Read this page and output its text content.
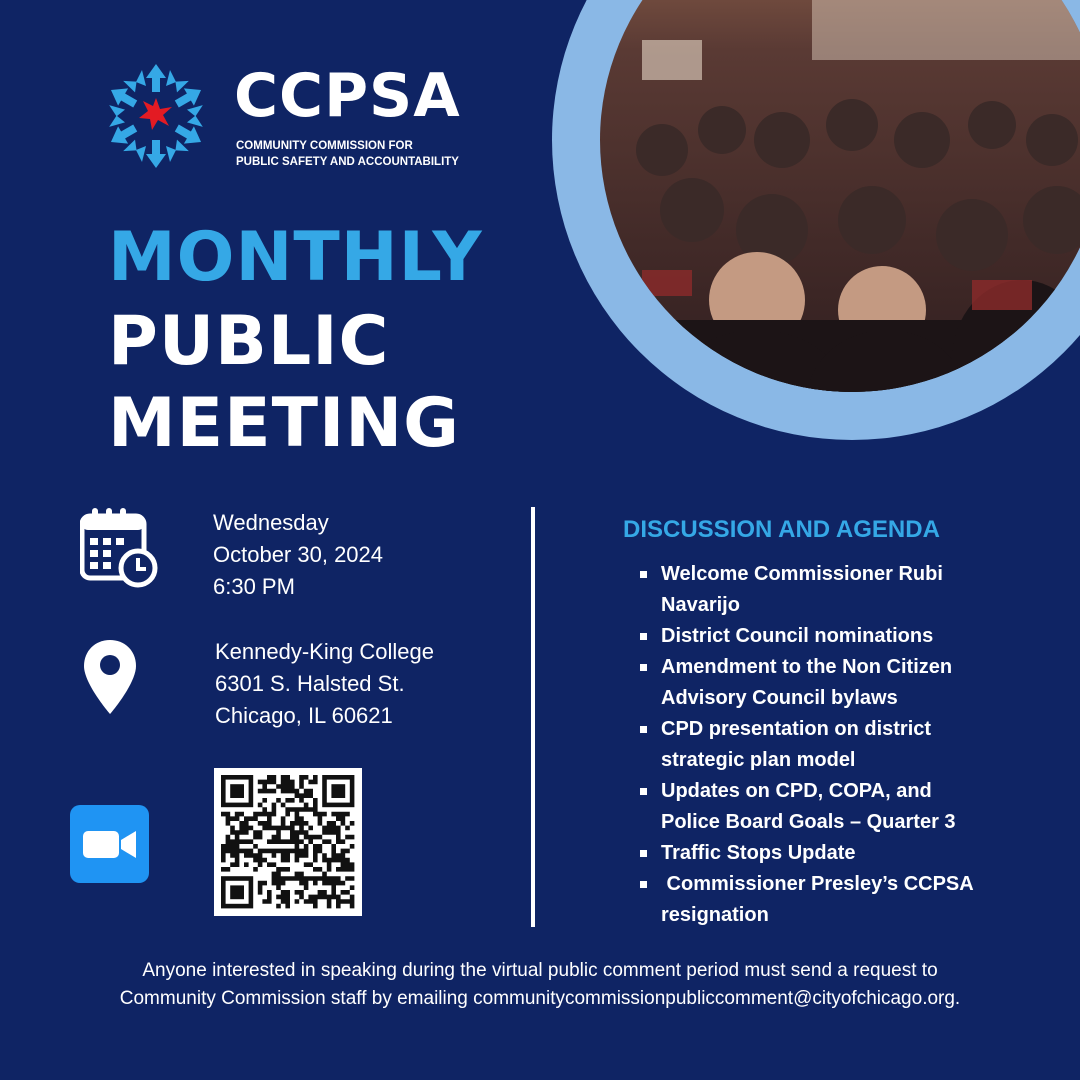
CCPSA
COMMUNITY COMMISSION FOR
PUBLIC SAFETY AND ACCOUNTABILITY
MONTHLY
PUBLIC
MEETING
Wednesday
October 30, 2024
6:30 PM
Kennedy-King College
6301 S. Halsted St.
Chicago, IL 60621
DISCUSSION AND AGENDA
Welcome Commissioner Rubi
Navarijo
District Council nominations
Amendment to the Non Citizen
Advisory Council bylaws
CPD presentation on district
strategic plan model
Updates on CPD, COPA, and
Police Board Goals – Quarter 3
Traffic Stops Update
Commissioner Presley’s CCPSA
resignation
Anyone interested in speaking during the virtual public comment period must send a request to
Community Commission staff by emailing communitycommissionpubliccomment@cityofchicago.org.
